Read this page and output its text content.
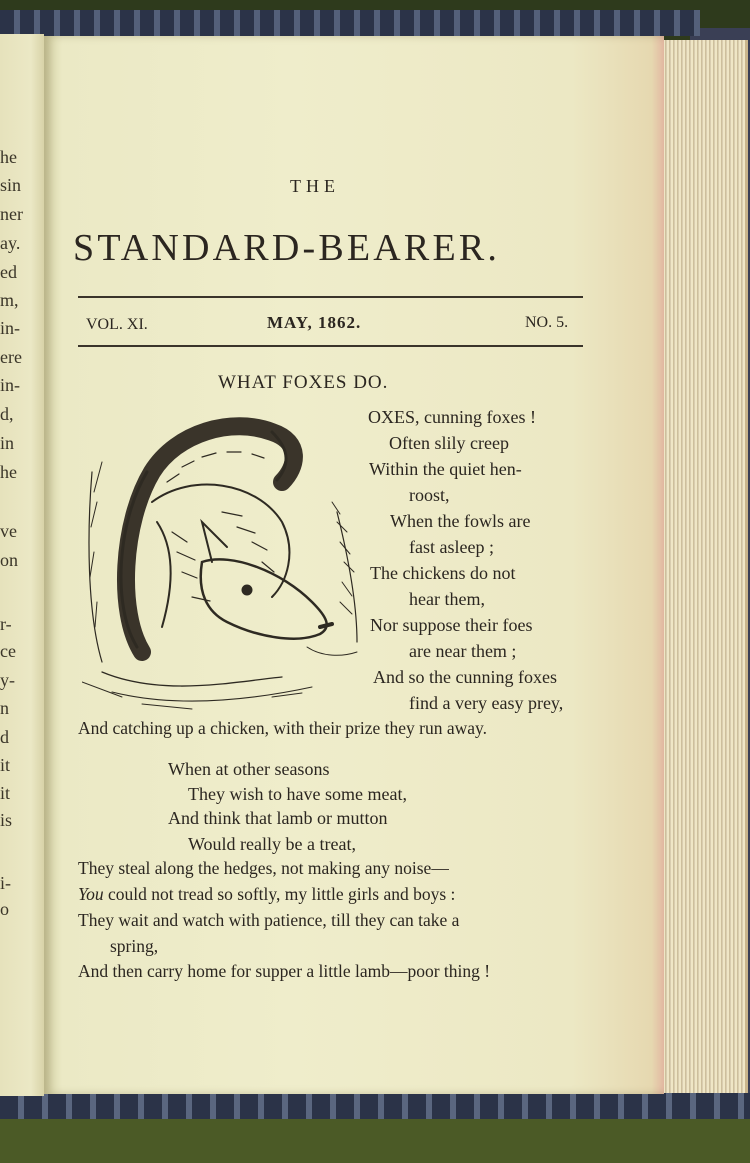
he
sin
ner
ay.
ed
m,
in-
ere
in-
d,
in
he
ve
on
r-
ce
y-
n
d
it
it
is
i-
o
THE
STANDARD-BEARER.
VOL. XI.	MAY, 1862.	NO. 5.
WHAT FOXES DO.
OXES, cunning foxes !
Often slily creep
Within the quiet hen-
roost,
When the fowls are
fast asleep ;
The chickens do not
hear them,
Nor suppose their foes
are near them ;
And so the cunning foxes
find a very easy prey,
And catching up a chicken, with their prize they run away.
When at other seasons
They wish to have some meat,
And think that lamb or mutton
Would really be a treat,
They steal along the hedges, not making any noise—
You could not tread so softly, my little girls and boys :
They wait and watch with patience, till they can take a
spring,
And then carry home for supper a little lamb—poor thing !
